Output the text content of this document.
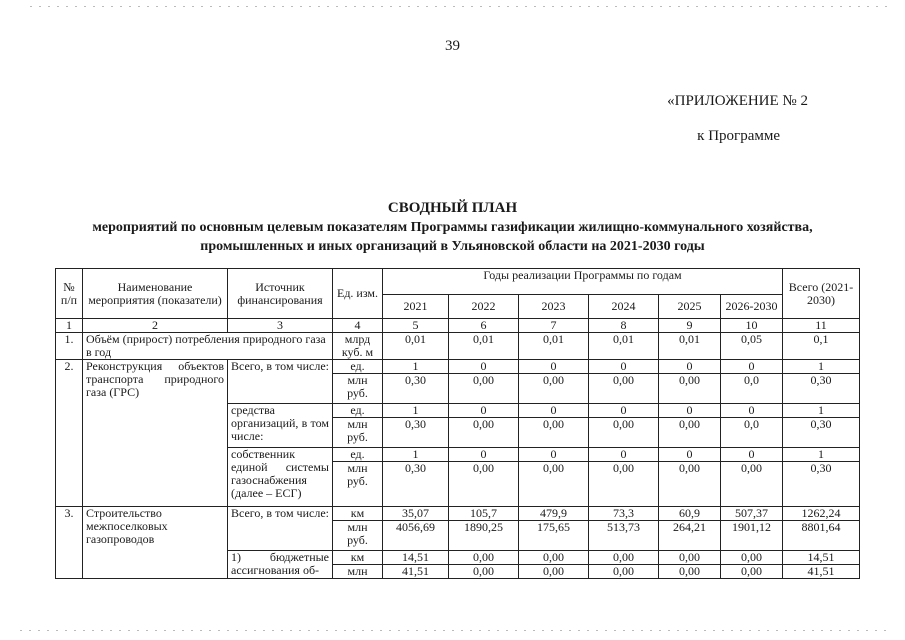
39
«ПРИЛОЖЕНИЕ № 2
к Программе
СВОДНЫЙ ПЛАН
мероприятий по основным целевым показателям Программы газификации жилищно-коммунального хозяйства,
промышленных и иных организаций в Ульяновской области на 2021-2030 годы
№ п/п	Наименование мероприятия (показатели)	Источник финансирования	Ед. изм.	Годы реализации Программы по годам						Всего (2021-2030)
				2021	2022	2023	2024	2025	2026-2030	
1	2	3	4	5	6	7	8	9	10	11
1.	Объём (прирост) потребления природного газа в год		млрд куб. м	0,01	0,01	0,01	0,01	0,01	0,05	0,1
2.	Реконструкция объектов транспорта природного газа (ГРС)	Всего, в том числе:	ед.	1	0	0	0	0	0	1
			млн руб.	0,30	0,00	0,00	0,00	0,00	0,0	0,30
		средства организаций, в том числе:	ед.	1	0	0	0	0	0	1
			млн руб.	0,30	0,00	0,00	0,00	0,00	0,0	0,30
		собственник единой системы газоснабжения (далее – ЕСГ)	ед.	1	0	0	0	0	0	1
			млн руб.	0,30	0,00	0,00	0,00	0,00	0,00	0,30
3.	Строительство межпоселковых газопроводов	Всего, в том числе:	км	35,07	105,7	479,9	73,3	60,9	507,37	1262,24
			млн руб.	4056,69	1890,25	175,65	513,73	264,21	1901,12	8801,64
		1) бюджетные ассигнования об-	км	14,51	0,00	0,00	0,00	0,00	0,00	14,51
			млн	41,51	0,00	0,00	0,00	0,00	0,00	41,51
